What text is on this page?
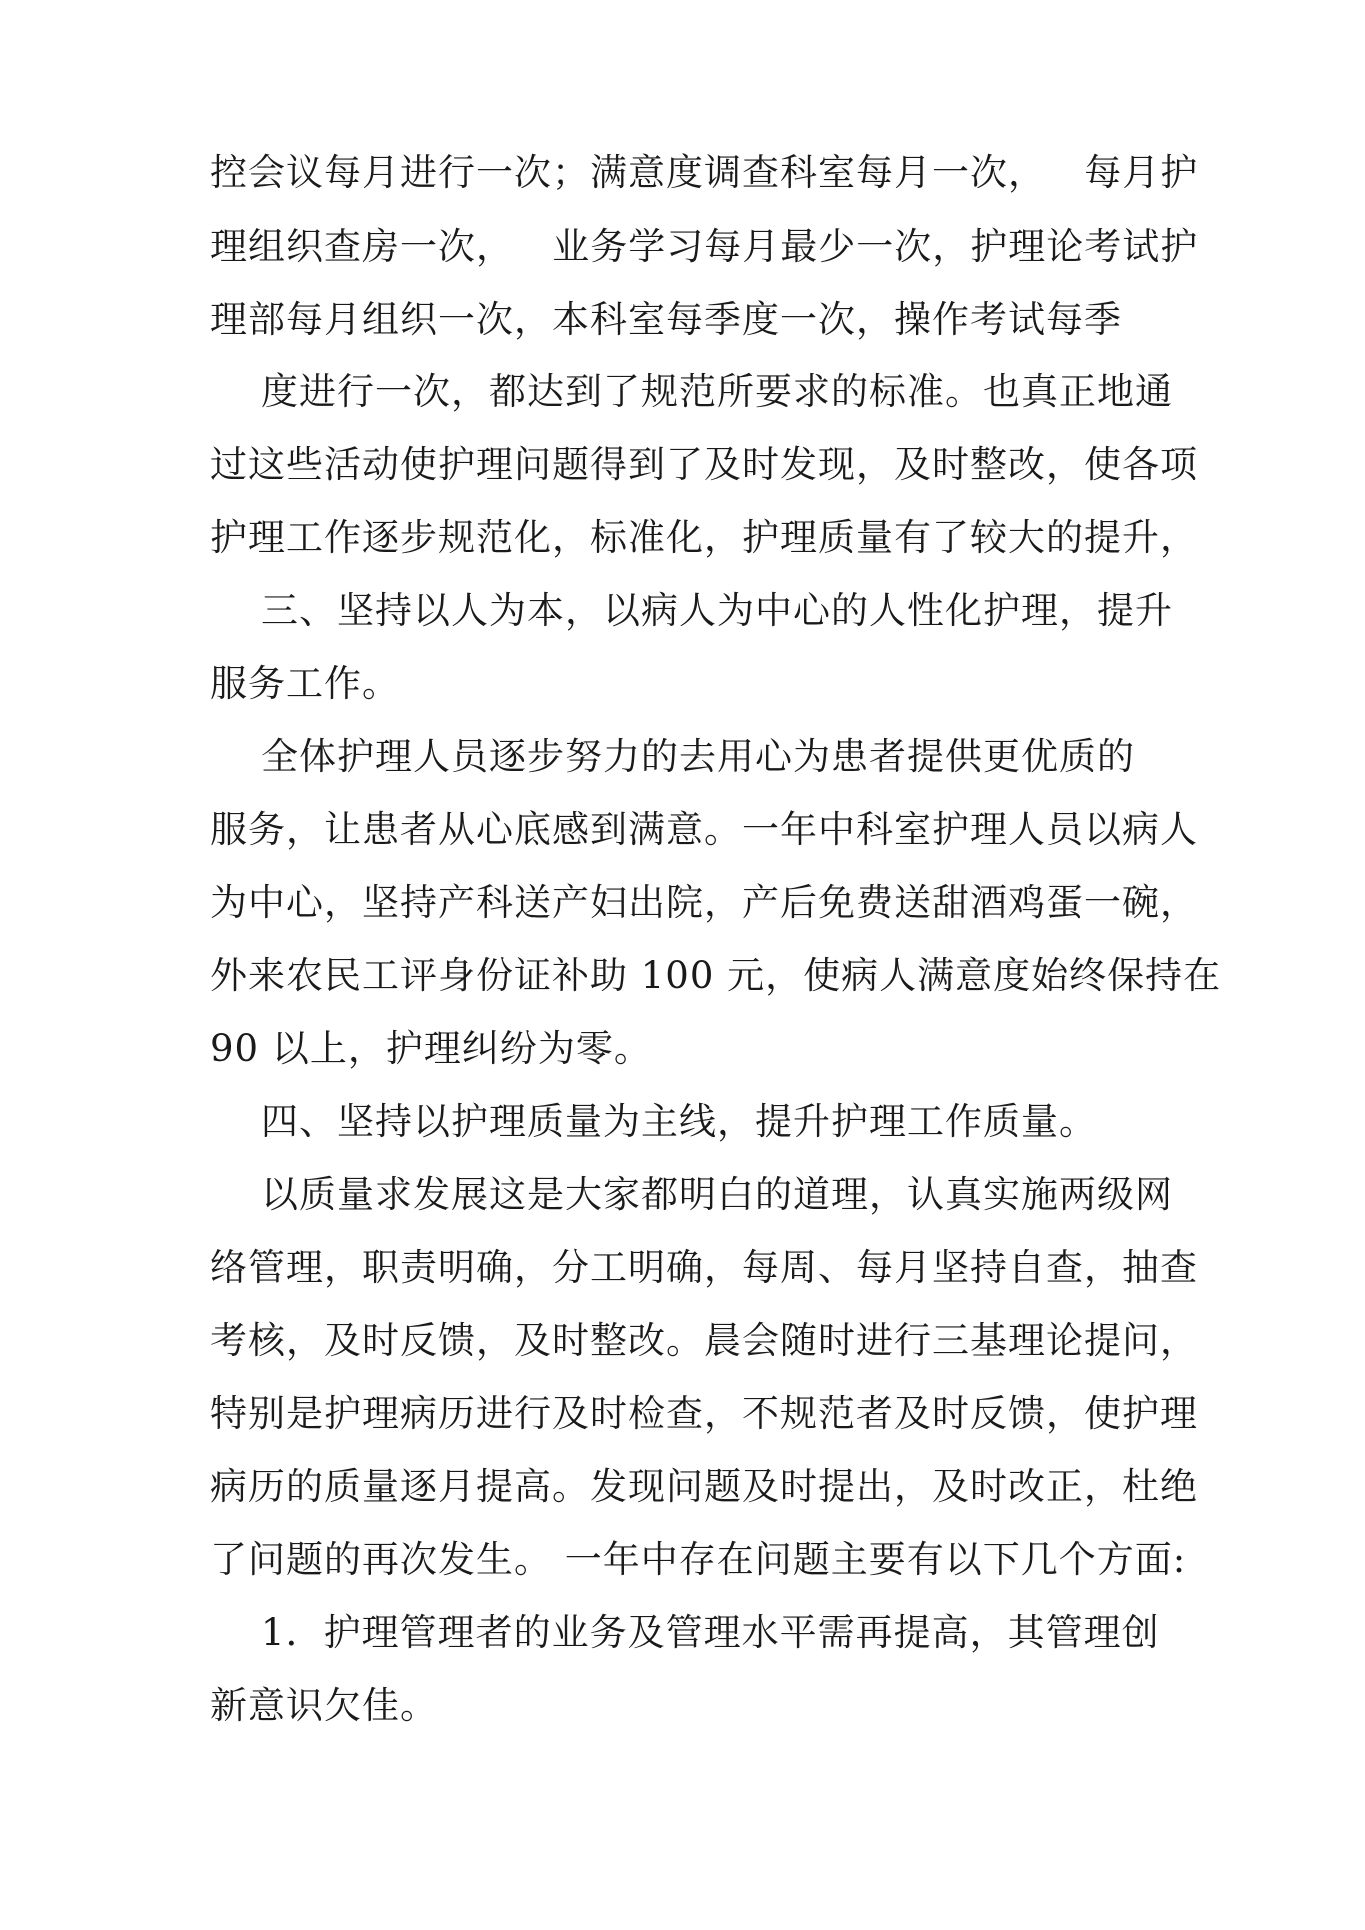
控会议每月进行一次；满意度调查科室每月一次，   每月护
理组织查房一次，   业务学习每月最少一次，护理论考试护
理部每月组织一次，本科室每季度一次，操作考试每季
度进行一次，都达到了规范所要求的标准。也真正地通
过这些活动使护理问题得到了及时发现，及时整改，使各项
护理工作逐步规范化，标准化，护理质量有了较大的提升，
三、坚持以人为本，以病人为中心的人性化护理，提升
服务工作。
全体护理人员逐步努力的去用心为患者提供更优质的
服务，让患者从心底感到满意。一年中科室护理人员以病人
为中心，坚持产科送产妇出院，产后免费送甜酒鸡蛋一碗，
外来农民工评身份证补助 100 元，使病人满意度始终保持在
90 以上，护理纠纷为零。
四、坚持以护理质量为主线，提升护理工作质量。
以质量求发展这是大家都明白的道理，认真实施两级网
络管理，职责明确，分工明确，每周、每月坚持自查，抽查
考核，及时反馈，及时整改。晨会随时进行三基理论提问，
特别是护理病历进行及时检查，不规范者及时反馈，使护理
病历的质量逐月提高。发现问题及时提出，及时改正，杜绝
了问题的再次发生。 一年中存在问题主要有以下几个方面:
1．护理管理者的业务及管理水平需再提高，其管理创
新意识欠佳。
